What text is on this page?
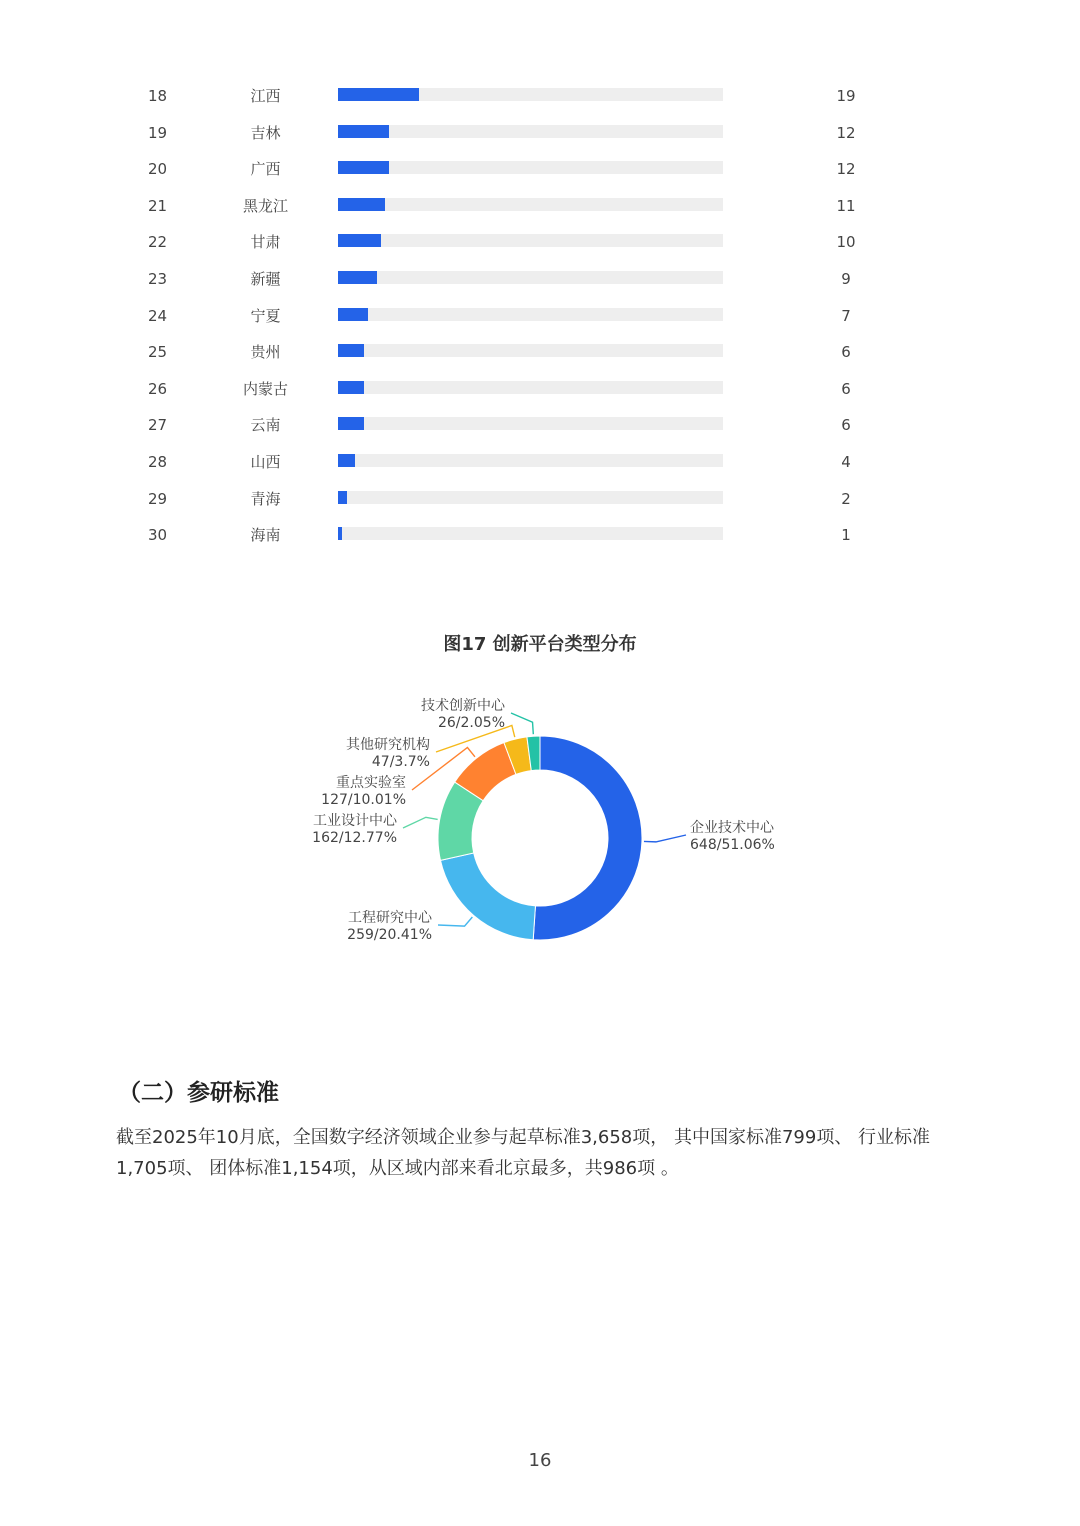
18	江西	19
19	吉林	12
20	广西	12
21	黑龙江	11
22	甘肃	10
23	新疆	9
24	宁夏	7
25	贵州	6
26	内蒙古	6
27	云南	6
28	山西	4
29	青海	2
30	海南	1
图17 创新平台类型分布
企业技术中心
648/51.06%
工程研究中心
259/20.41%
工业设计中心
162/12.77%
重点实验室
127/10.01%
其他研究机构
47/3.7%
技术创新中心
26/2.05%
（二）参研标准
截至2025年10月底，全国数字经济领域企业参与起草标准3,658项， 其中国家标准799项、 行业标准
1,705项、 团体标准1,154项，从区域内部来看北京最多，共986项 。
16
